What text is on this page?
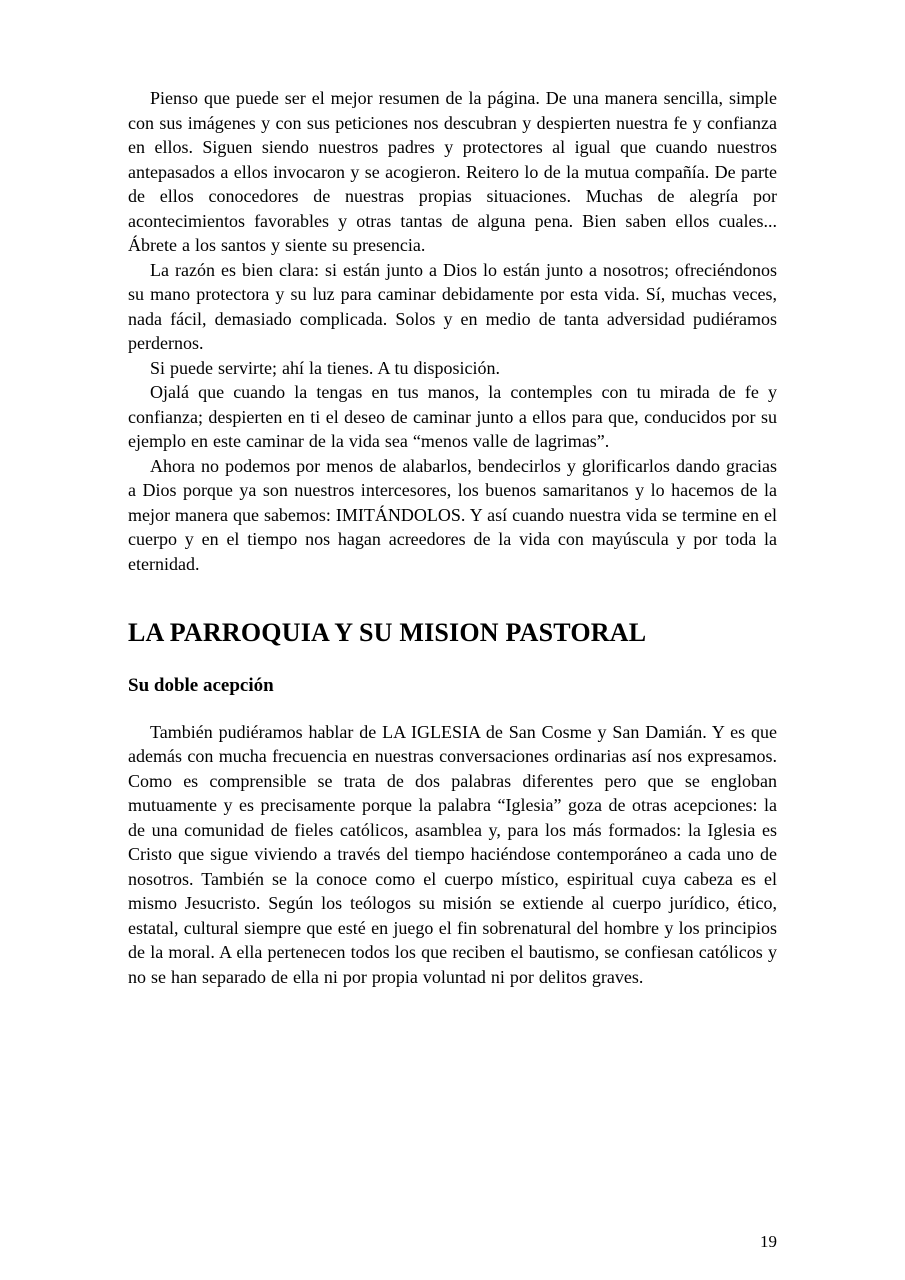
Pienso que puede ser el mejor resumen de la página. De una manera sencilla, simple con sus imágenes y con sus peticiones nos descubran y despierten nuestra fe y confianza en ellos. Siguen siendo nuestros padres y protectores al igual que cuando nuestros antepasados a ellos invocaron y se acogieron. Reitero lo de la mutua compañía. De parte de ellos conocedores de nuestras propias situaciones. Muchas de alegría por acontecimientos favorables y otras tantas de alguna pena. Bien saben ellos cuales... Ábrete a los santos y siente su presencia.

La razón es bien clara: si están junto a Dios lo están junto a nosotros; ofreciéndonos su mano protectora y su luz para caminar debidamente por esta vida. Sí, muchas veces, nada fácil, demasiado complicada. Solos y en medio de tanta adversidad pudiéramos perdernos.

Si puede servirte; ahí la tienes. A tu disposición.

Ojalá que cuando la tengas en tus manos, la contemples con tu mirada de fe y confianza; despierten en ti el deseo de caminar junto a ellos para que, conducidos por su ejemplo en este caminar de la vida sea “menos valle de lagrimas”.

Ahora no podemos por menos de alabarlos, bendecirlos y glorificarlos dando gracias a Dios porque ya son nuestros intercesores, los buenos samaritanos y lo hacemos de la mejor manera que sabemos: IMITÁNDOLOS. Y así cuando nuestra vida se termine en el cuerpo y en el tiempo nos hagan acreedores de la vida con mayúscula y por toda la eternidad.

LA PARROQUIA Y SU MISION PASTORAL
Su doble acepción

También pudiéramos hablar de LA IGLESIA de San Cosme y San Damián. Y es que además con mucha frecuencia en nuestras conversaciones ordinarias así nos expresamos. Como es comprensible se trata de dos palabras diferentes pero que se engloban mutuamente y es precisamente porque la palabra “Iglesia” goza de otras acepciones: la de una comunidad de fieles católicos, asamblea y, para los más formados: la Iglesia es Cristo que sigue viviendo a través del tiempo haciéndose contemporáneo a cada uno de nosotros. También se la conoce como el cuerpo místico, espiritual cuya cabeza es el mismo Jesucristo. Según los teólogos su misión se extiende al cuerpo jurídico, ético, estatal, cultural siempre que esté en juego el fin sobrenatural del hombre y los principios de la moral. A ella pertenecen todos los que reciben el bautismo, se confiesan católicos y no se han separado de ella ni por propia voluntad ni por delitos graves.

19
